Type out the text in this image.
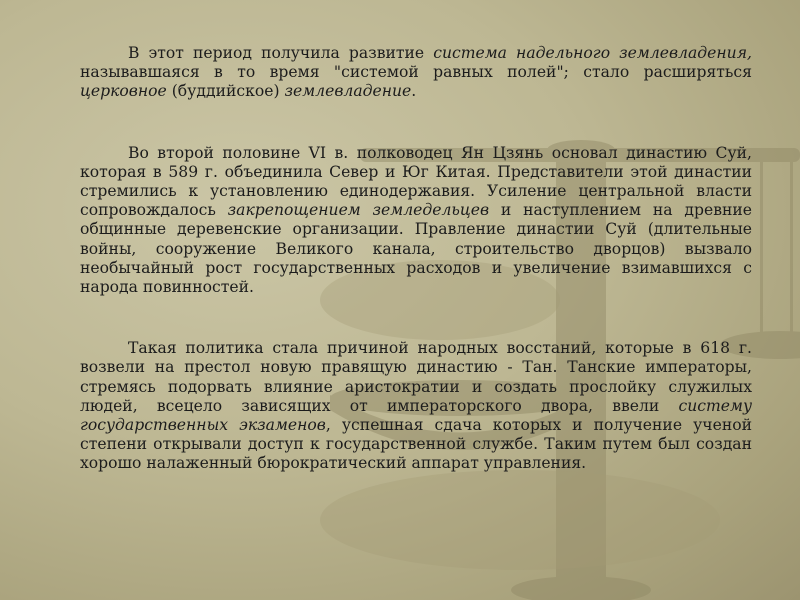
В этот период получила развитие система надельного землевладения, называвшаяся в то время "системой равных полей"; стало расширяться церковное (буддийское) землевладение.

Во второй половине VI в. полководец Ян Цзянь основал династию Суй, которая в 589 г. объединила Север и Юг Китая. Представители этой династии стремились к установлению единодержавия. Усиление центральной власти сопровождалось закрепощением земледельцев и наступлением на древние общинные деревенские организации. Правление династии Суй (длительные войны, сооружение Великого канала, строительство дворцов) вызвало необычайный рост государственных расходов и увеличение взимавшихся с народа повинностей.

Такая политика стала причиной народных восстаний, которые в 618 г. возвели на престол новую правящую династию - Тан. Танские императоры, стремясь подорвать влияние аристократии и создать прослойку служилых людей, всецело зависящих от императорского двора, ввели систему государственных экзаменов, успешная сдача которых и получение ученой степени открывали доступ к государственной службе. Таким путем был создан хорошо налаженный бюрократический аппарат управления.
